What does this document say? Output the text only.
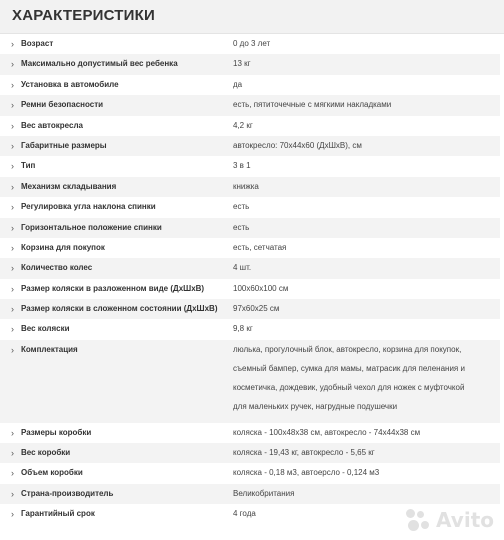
ХАРАКТЕРИСТИКИ
› Возраст	0 до 3 лет
› Максимально допустимый вес ребенка	13 кг
› Установка в автомобиле	да
› Ремни безопасности	есть, пятиточечные с мягкими накладками
› Вес автокресла	4,2 кг
› Габаритные размеры	автокресло: 70х44х60 (ДхШхВ), см
› Тип	3 в 1
› Механизм складывания	книжка
› Регулировка угла наклона спинки	есть
› Горизонтальное положение спинки	есть
› Корзина для покупок	есть, сетчатая
› Количество колес	4 шт.
› Размер коляски в разложенном виде (ДхШхВ)	100х60х100 см
› Размер коляски в сложенном состоянии (ДхШхВ) 97х60х25 см
› Вес коляски	9,8 кг
› Комплектация	люлька, прогулочный блок, автокресло, корзина для покупок,
съемный бампер, сумка для мамы, матрасик для пеленания и
косметичка, дождевик, удобный чехол для ножек с муфточкой
для маленьких ручек, нагрудные подушечки
› Размеры коробки	коляска - 100х48х38 см, автокресло - 74х44х38 см
› Вес коробки	коляска - 19,43 кг, автокресло - 5,65 кг
› Объем коробки	коляска - 0,18 м3, автоерсло - 0,124 м3
› Страна-производитель	Великобритания
› Гарантийный срок	4 года	Avito
